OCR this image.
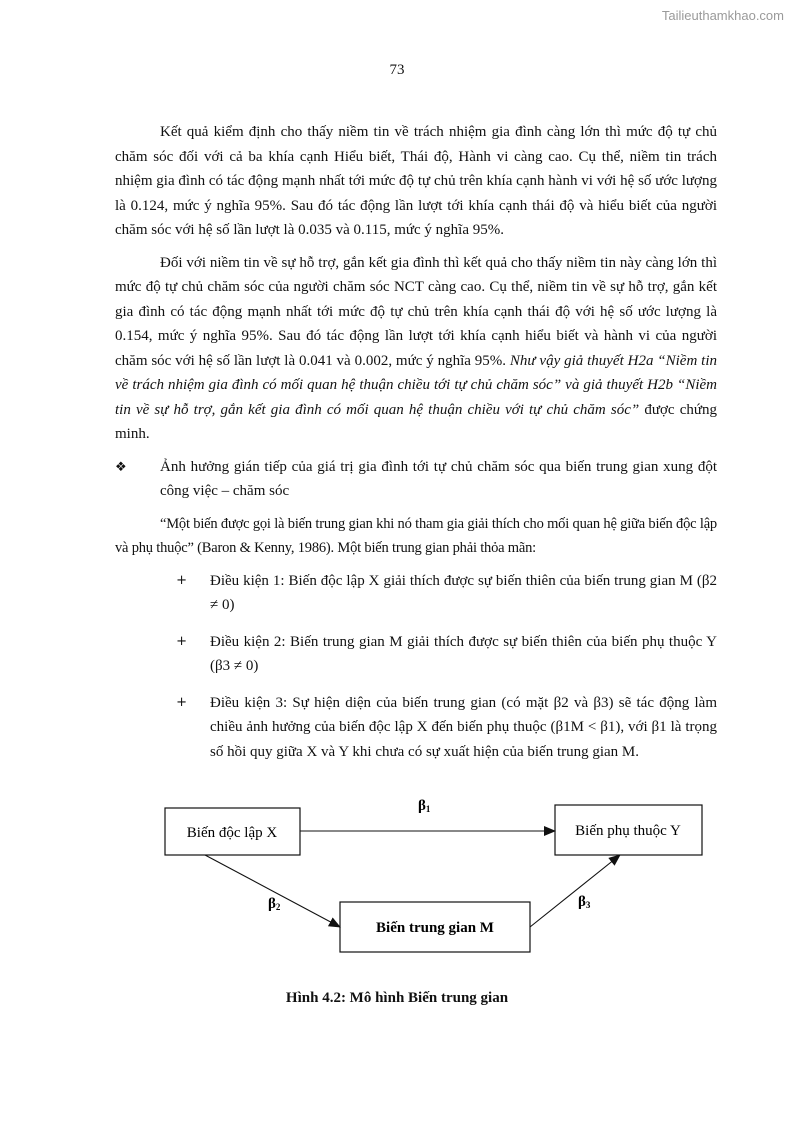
Tailieuthamkhao.com
73

Kết quả kiểm định cho thấy niềm tin về trách nhiệm gia đình càng lớn thì mức độ tự chủ chăm sóc đối với cả ba khía cạnh Hiểu biết, Thái độ, Hành vi càng cao. Cụ thể, niềm tin trách nhiệm gia đình có tác động mạnh nhất tới mức độ tự chủ trên khía cạnh hành vi với hệ số ước lượng là 0.124, mức ý nghĩa 95%. Sau đó tác động lần lượt tới khía cạnh thái độ và hiểu biết của người chăm sóc với hệ số lần lượt là 0.035 và 0.115, mức ý nghĩa 95%.

Đối với niềm tin về sự hỗ trợ, gắn kết gia đình thì kết quả cho thấy niềm tin này càng lớn thì mức độ tự chủ chăm sóc của người chăm sóc NCT càng cao. Cụ thể, niềm tin về sự hỗ trợ, gắn kết gia đình có tác động mạnh nhất tới mức độ tự chủ trên khía cạnh thái độ với hệ số ước lượng là 0.154, mức ý nghĩa 95%. Sau đó tác động lần lượt tới khía cạnh hiểu biết và hành vi của người chăm sóc với hệ số lần lượt là 0.041 và 0.002, mức ý nghĩa 95%. Như vậy giả thuyết H2a “Niềm tin về trách nhiệm gia đình có mối quan hệ thuận chiều tới tự chủ chăm sóc” và giả thuyết H2b “Niềm tin về sự hỗ trợ, gắn kết gia đình có mối quan hệ thuận chiều với tự chủ chăm sóc” được chứng minh.

❖	Ảnh hưởng gián tiếp của giá trị gia đình tới tự chủ chăm sóc qua biến trung gian xung đột công việc – chăm sóc

“Một biến được gọi là biến trung gian khi nó tham gia giải thích cho mối quan hệ giữa biến độc lập và phụ thuộc” (Baron & Kenny, 1986). Một biến trung gian phải thỏa mãn:

+	Điều kiện 1: Biến độc lập X giải thích được sự biến thiên của biến trung gian M (β2 ≠ 0)
+	Điều kiện 2: Biến trung gian M giải thích được sự biến thiên của biến phụ thuộc Y (β3 ≠ 0)
+	Điều kiện 3: Sự hiện diện của biến trung gian (có mặt β2 và β3) sẽ tác động làm chiều ảnh hưởng của biến độc lập X đến biến phụ thuộc (β1M < β1), với β1 là trọng số hồi quy giữa X và Y khi chưa có sự xuất hiện của biến trung gian M.
Biến độc lập X	Biến phụ thuộc Y
Biến trung gian M
β1
β2	β3
Hình 4.2: Mô hình Biến trung gian
